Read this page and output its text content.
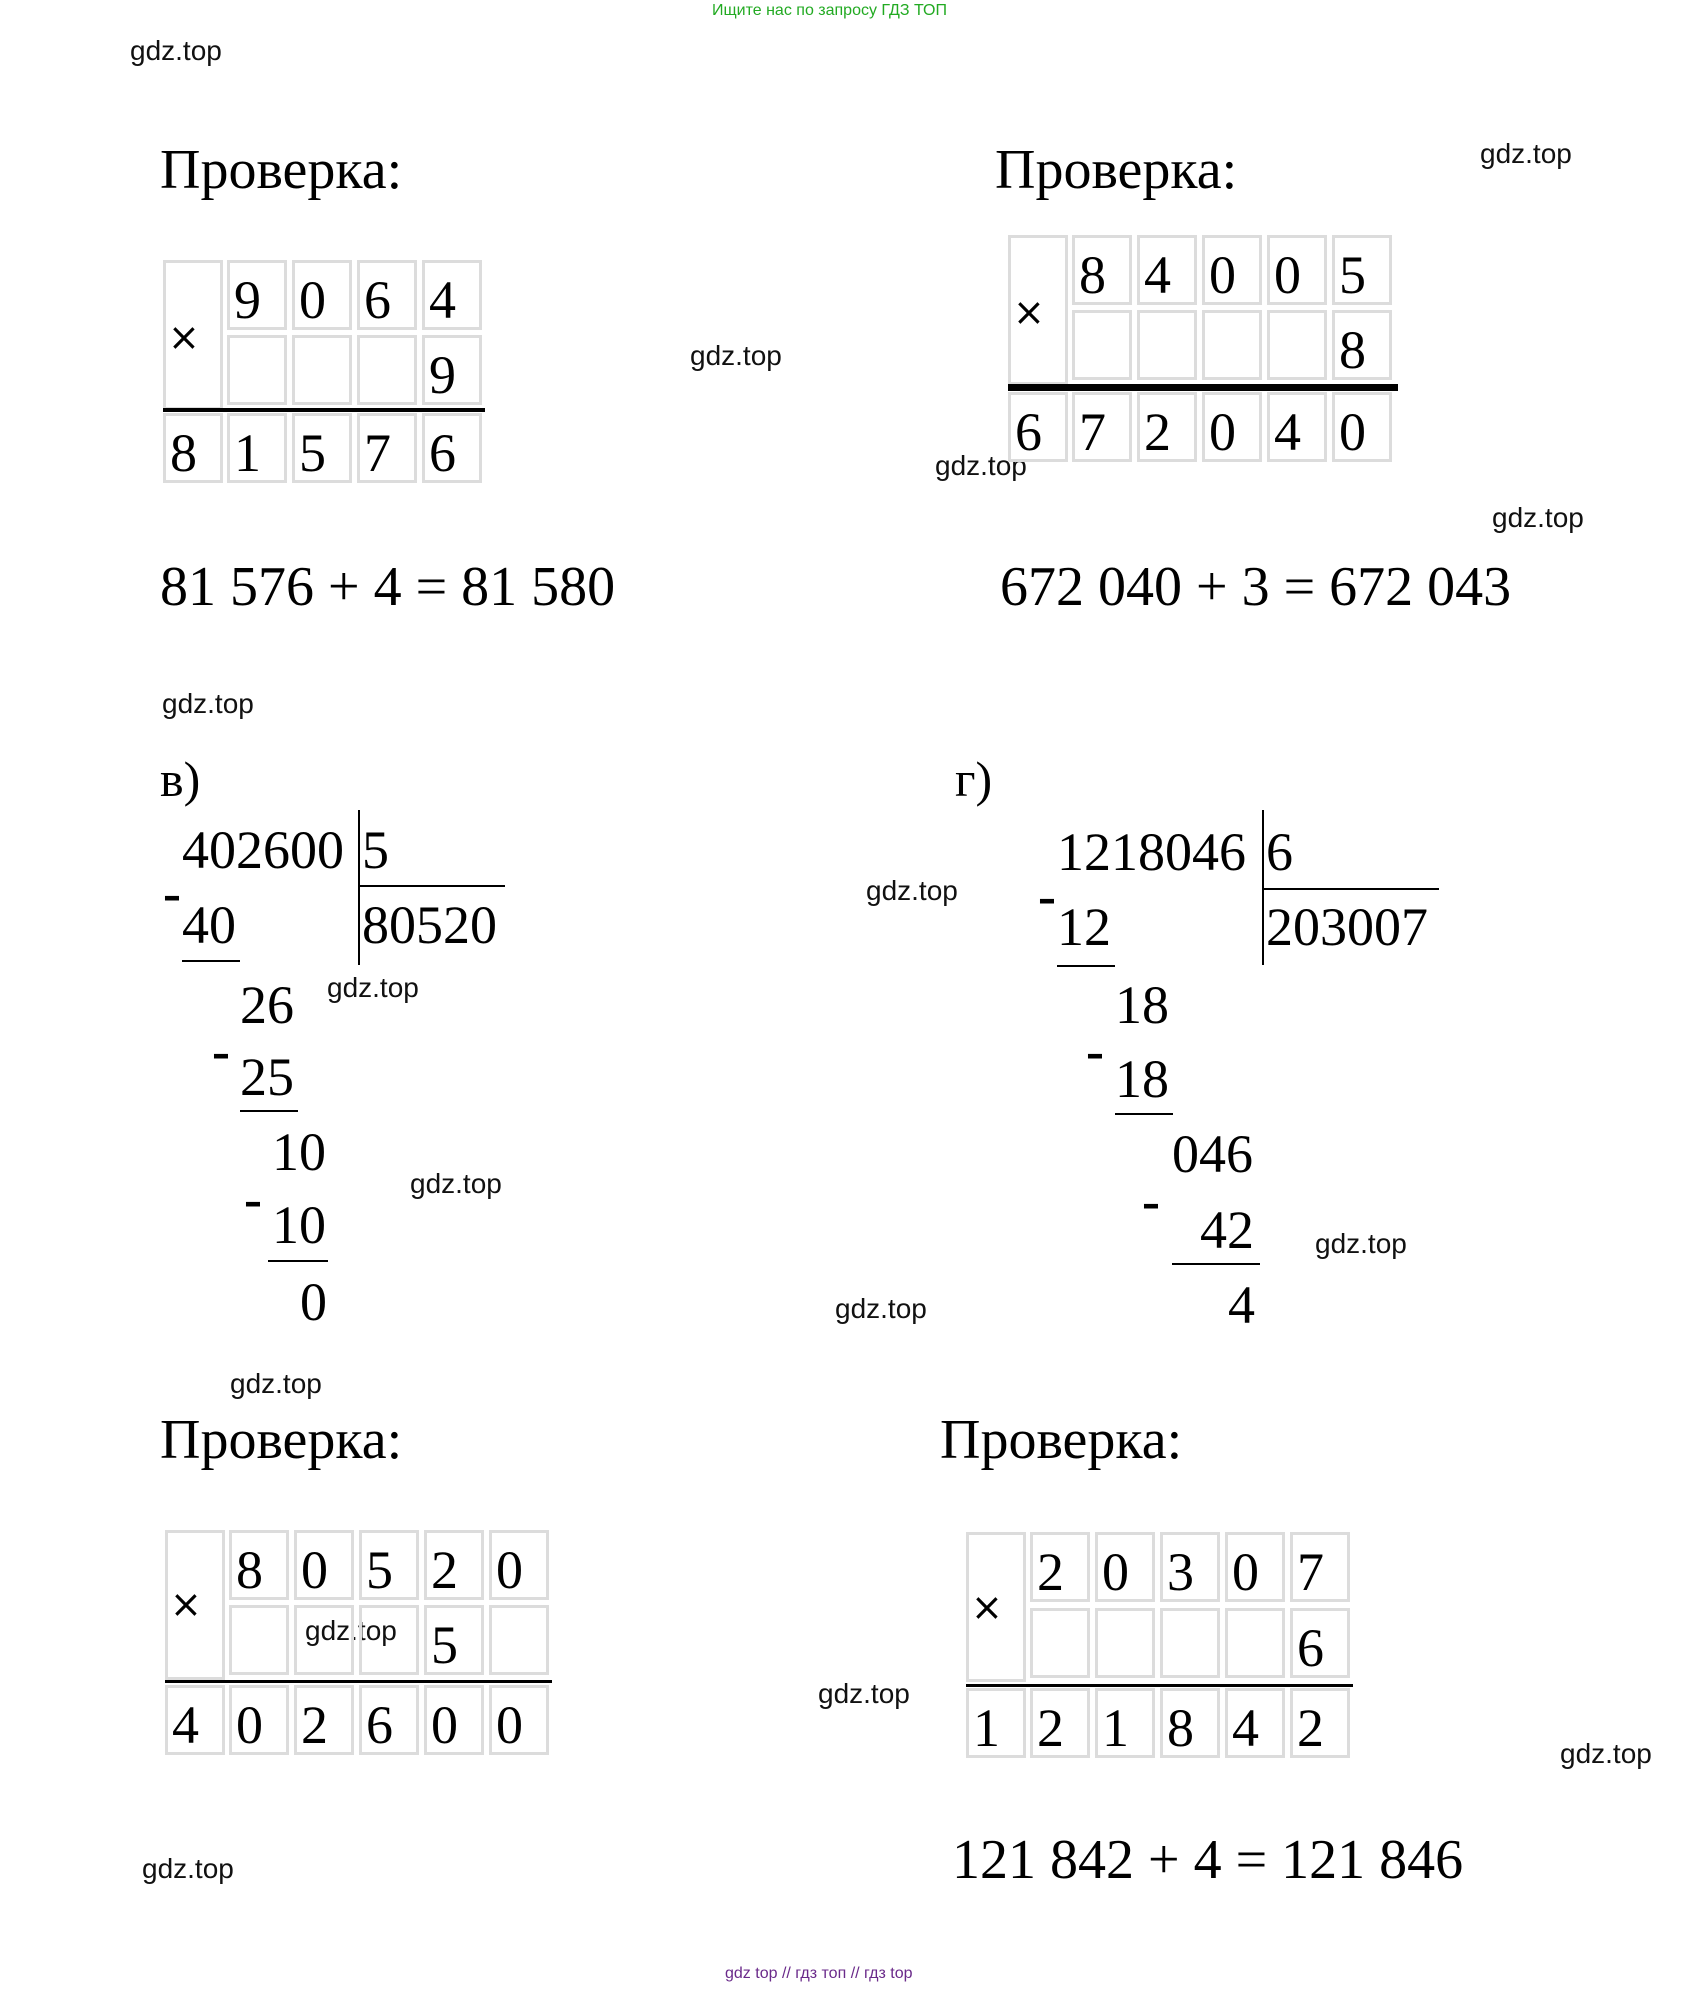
Ищите нас по запросу ГДЗ ТОП
gdz.top
gdz.top
gdz.top
gdz.top
gdz.top
gdz.top
gdz.top
gdz.top
gdz.top
gdz.top
gdz.top
gdz.top
gdz.top
gdz.top
gdz.top
gdz.top
Проверка:
×
9 0 6 4
9
8 1 5 7 6
81 576 + 4 = 81 580
Проверка:
×
8 4 0 0 5
8
6 7 2 0 4 0
672 040 + 3 = 672 043
в)
402600 5
80520
-
40
26
- 25
10
- 10
0
г)
1218046 6
203007
-
12
18
- 18
046
- 42
4
Проверка:
×
8 0 5 2 0
5
4 0 2 6 0 0
Проверка:
×
2 0 3 0 7
6
1 2 1 8 4 2
121 842 + 4 = 121 846
gdz top // гдз топ // гдз top
